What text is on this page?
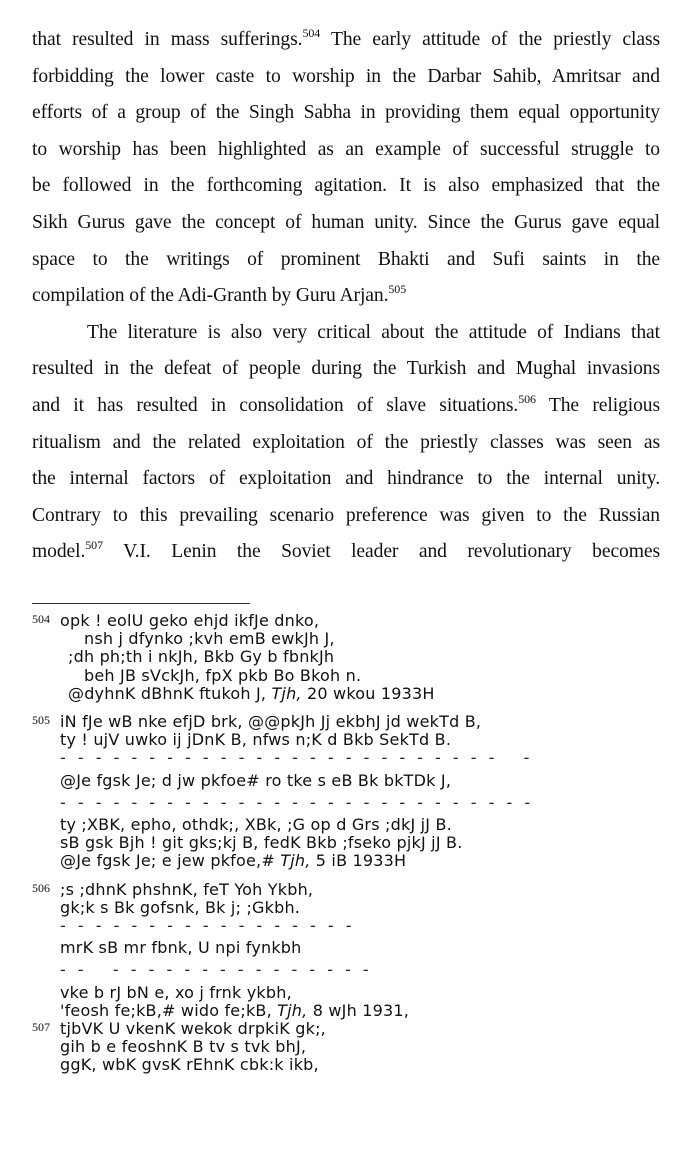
that resulted in mass sufferings.$^{504}$ The early attitude of the priestly class
forbidding the lower caste to worship in the Darbar Sahib, Amritsar and
efforts of a group of the Singh Sabha in providing them equal opportunity
to worship has been highlighted as an example of successful struggle to
be followed in the forthcoming agitation. It is also emphasized that the
Sikh Gurus gave the concept of human unity. Since the Gurus gave equal
space to the writings of prominent Bhakti and Sufi saints in the
compilation of the Adi-Granth by Guru Arjan.$^{505}$
The literature is also very critical about the attitude of Indians that
resulted in the defeat of people during the Turkish and Mughal invasions
and it has resulted in consolidation of slave situations.$^{506}$ The religious
ritualism and the related exploitation of the priestly classes was seen as
the internal factors of exploitation and hindrance to the internal unity.
Contrary to this prevailing scenario preference was given to the Russian
model.$^{507}$ V.I. Lenin the Soviet leader and revolutionary becomes
504 opk ! eolU geko ehjd ikfJe dnko,
nsh j dfynko ;kvh emB ewkJh J,
;dh ph;th i nkJh, Bkb Gy b fbnkJh
beh JB sVckJh, fpX pkb Bo Bkoh n.
@dyhnK dBhnK ftukoh J, Tjh, 20 wkou 1933H
505 iN fJe wB nke efjD brk, @@pkJh Jj ekbhJ jd wekTd B,
ty ! ujV uwko ij jDnK B, nfws n;K d Bkb SekTd B.
- - - - - - - - - - - - - - - - - - - - - - - - -   -
@Je fgsk Je; d jw pkfoe# ro tke s eB Bk bkTDk J,
- - - - - - - - - - - - - - - - - - - - - - - - - - -
ty ;XBK, epho, othdk;, XBk, ;G op d Grs ;dkJ jJ B.
sB gsk Bjh ! git gks;kj B, fedK Bkb ;fseko pjkJ jJ B.
@Je fgsk Je; e jew pkfoe,# Tjh, 5 iB 1933H
506 ;s ;dhnK phshnK, feT Yoh Ykbh,
gk;k s Bk gofsnk, Bk j; ;Gkbh.
- - - - - - - - - - - - - - - - -
mrK sB mr fbnk, U npi fynkbh
- -   - - - - - - - - - - - - - - -
vke b rJ bN e, xo j frnk ykbh,
'feosh fe;kB,# wido fe;kB, Tjh, 8 wJh 1931,
507 tjbVK U vkenK wekok drpkiK gk;,
gih b e feoshnK B tv s tvk bhJ,
ggK, wbK gvsK rEhnK cbk:k ikb,
